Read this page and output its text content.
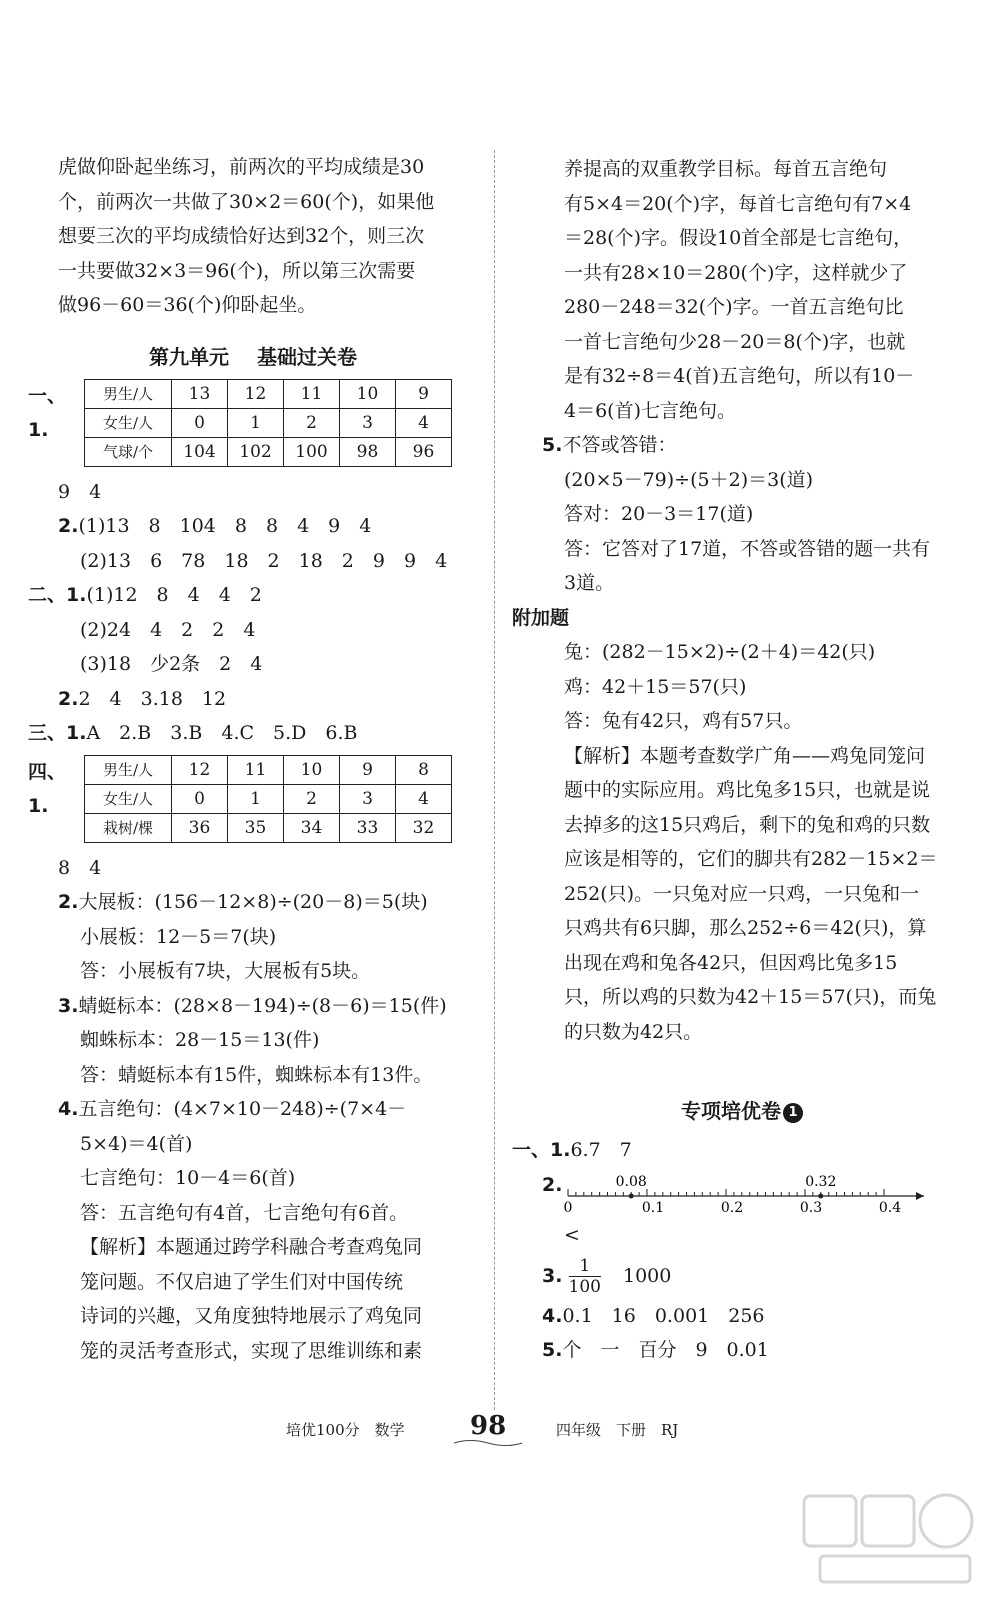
虎做仰卧起坐练习，前两次的平均成绩是30
个，前两次一共做了30×2＝60(个)，如果他
想要三次的平均成绩恰好达到32个，则三次
一共要做32×3＝96(个)，所以第三次需要
做96－60＝36(个)仰卧起坐。
第九单元 基础过关卷
一、1.
男生/人	13	12	11	10	9
女生/人	0	1	2	3	4
气球/个	104	102	100	98	96
9　4
2.(1)13　8　104　8　8　4　9　4
(2)13　6　78　18　2　18　2　9　9　4
二、1.(1)12　8　4　4　2
(2)24　4　2　2　4
(3)18　少2条　2　4
2.2　4　3.18　12
三、1.A　2.B　3.B　4.C　5.D　6.B
四、1.
男生/人	12	11	10	9	8
女生/人	0	1	2	3	4
栽树/棵	36	35	34	33	32
8　4
2.大展板：(156－12×8)÷(20－8)＝5(块)
小展板：12－5＝7(块)
答：小展板有7块，大展板有5块。
3.蜻蜓标本：(28×8－194)÷(8－6)＝15(件)
蜘蛛标本：28－15＝13(件)
答：蜻蜓标本有15件，蜘蛛标本有13件。
4.五言绝句：(4×7×10－248)÷(7×4－
5×4)＝4(首)
七言绝句：10－4＝6(首)
答：五言绝句有4首，七言绝句有6首。
【解析】本题通过跨学科融合考查鸡兔同
笼问题。不仅启迪了学生们对中国传统
诗词的兴趣，又角度独特地展示了鸡兔同
笼的灵活考查形式，实现了思维训练和素
养提高的双重教学目标。每首五言绝句
有5×4＝20(个)字，每首七言绝句有7×4
＝28(个)字。假设10首全部是七言绝句，
一共有28×10＝280(个)字，这样就少了
280－248＝32(个)字。一首五言绝句比
一首七言绝句少28－20＝8(个)字，也就
是有32÷8＝4(首)五言绝句，所以有10－
4＝6(首)七言绝句。
5.不答或答错：
(20×5－79)÷(5＋2)＝3(道)
答对：20－3＝17(道)
答：它答对了17道，不答或答错的题一共有
3道。
附加题
兔：(282－15×2)÷(2＋4)＝42(只)
鸡：42＋15＝57(只)
答：兔有42只，鸡有57只。
【解析】本题考查数学广角——鸡兔同笼问
题中的实际应用。鸡比兔多15只，也就是说
去掉多的这15只鸡后，剩下的兔和鸡的只数
应该是相等的，它们的脚共有282－15×2＝
252(只)。一只兔对应一只鸡，一只兔和一
只鸡共有6只脚，那么252÷6＝42(只)，算
出现在鸡和兔各42只，但因鸡比兔多15
只，所以鸡的只数为42＋15＝57(只)，而兔
的只数为42只。
专项培优卷 1
一、1.6.7　7
2.
0	0.1	0.2	0.3	0.4
0.08	0.32
<
3. $\frac{1}{100} 1000$
4.0.1　16　0.001　256
5.个　一　百分　9　0.01
培优100分　数学	98	四年级　下册　RJ
